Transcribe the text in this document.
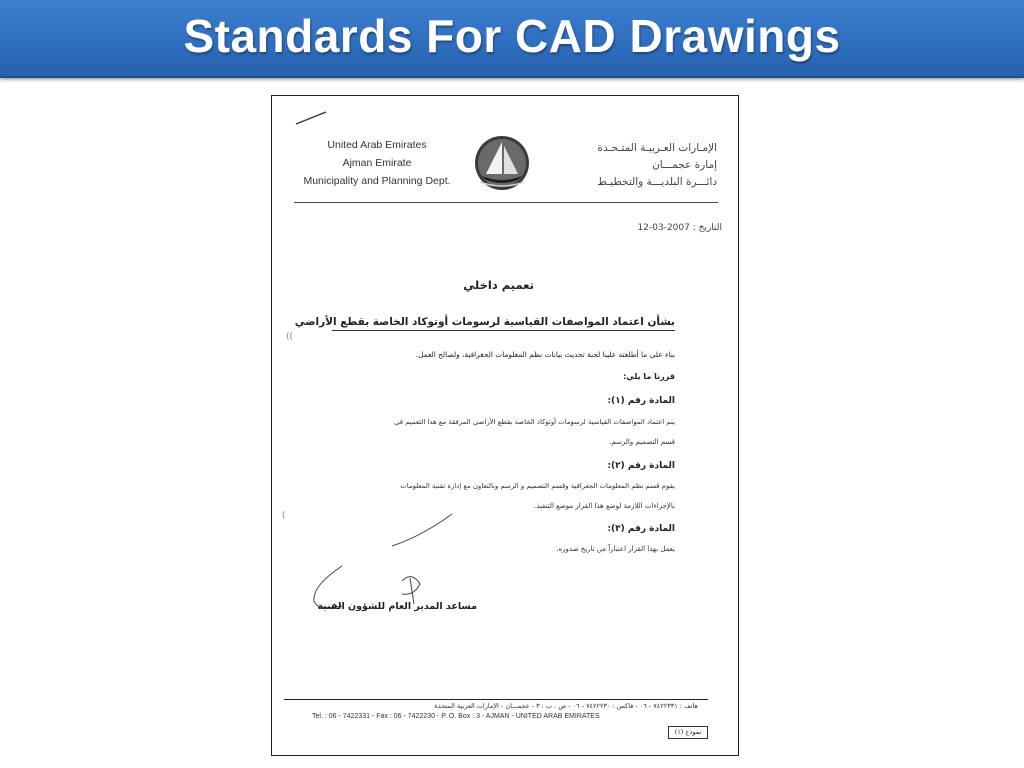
Standards For CAD Drawings
United Arab Emirates
Ajman Emirate
Municipality and Planning Dept.
الإمـارات العـربيـة المتـحـدة
إمارة عجمـــان
دائـــرة البلديـــة والتخطيـط
التاريخ : 12-03-2007
تعميم داخلي
بشأن اعتماد المواصفات القياسية لرسومات أوتوكاد الخاصة بقطع الأراضي
((
(
بناء على ما أطلعته علينا لجنة تحديث بيانات نظم المعلومات الجغرافية، ولصالح العمل.
قررنا ما يلي:
المادة رقم (١):
يتم اعتماد المواصفات القياسية لرسومات أوتوكاد الخاصة بقطع الأراضي المرفقة مع هذا التعميم في
قسم التصميم والرسم.
المادة رقم (٢):
يقوم قسم نظم المعلومات الجغرافية وقسم التصميم و الرسم وبالتعاون مع إدارة تقنية المعلومات
بالإجراءات اللازمة لوضع هذا القرار موضع التنفيذ.
المادة رقم (٣):
يعمل بهذا القرار اعتباراً من تاريخ صدوره.
مساعد المدير العام للشؤون الفنية
هاتف : ٧٤٢٢٣٣١ - ٠٦ - فاكس : ٧٤٢٢٢٣٠ - ٠٦ - ص . ب : ٣ - عجمـــان - الإمارات العربية المتحدة
Tel. : 06 - 7422331 - Fax : 06 - 7422230 - P. O. Box : 3 - AJMAN - UNITED ARAB EMIRATES
نموذج (١)
